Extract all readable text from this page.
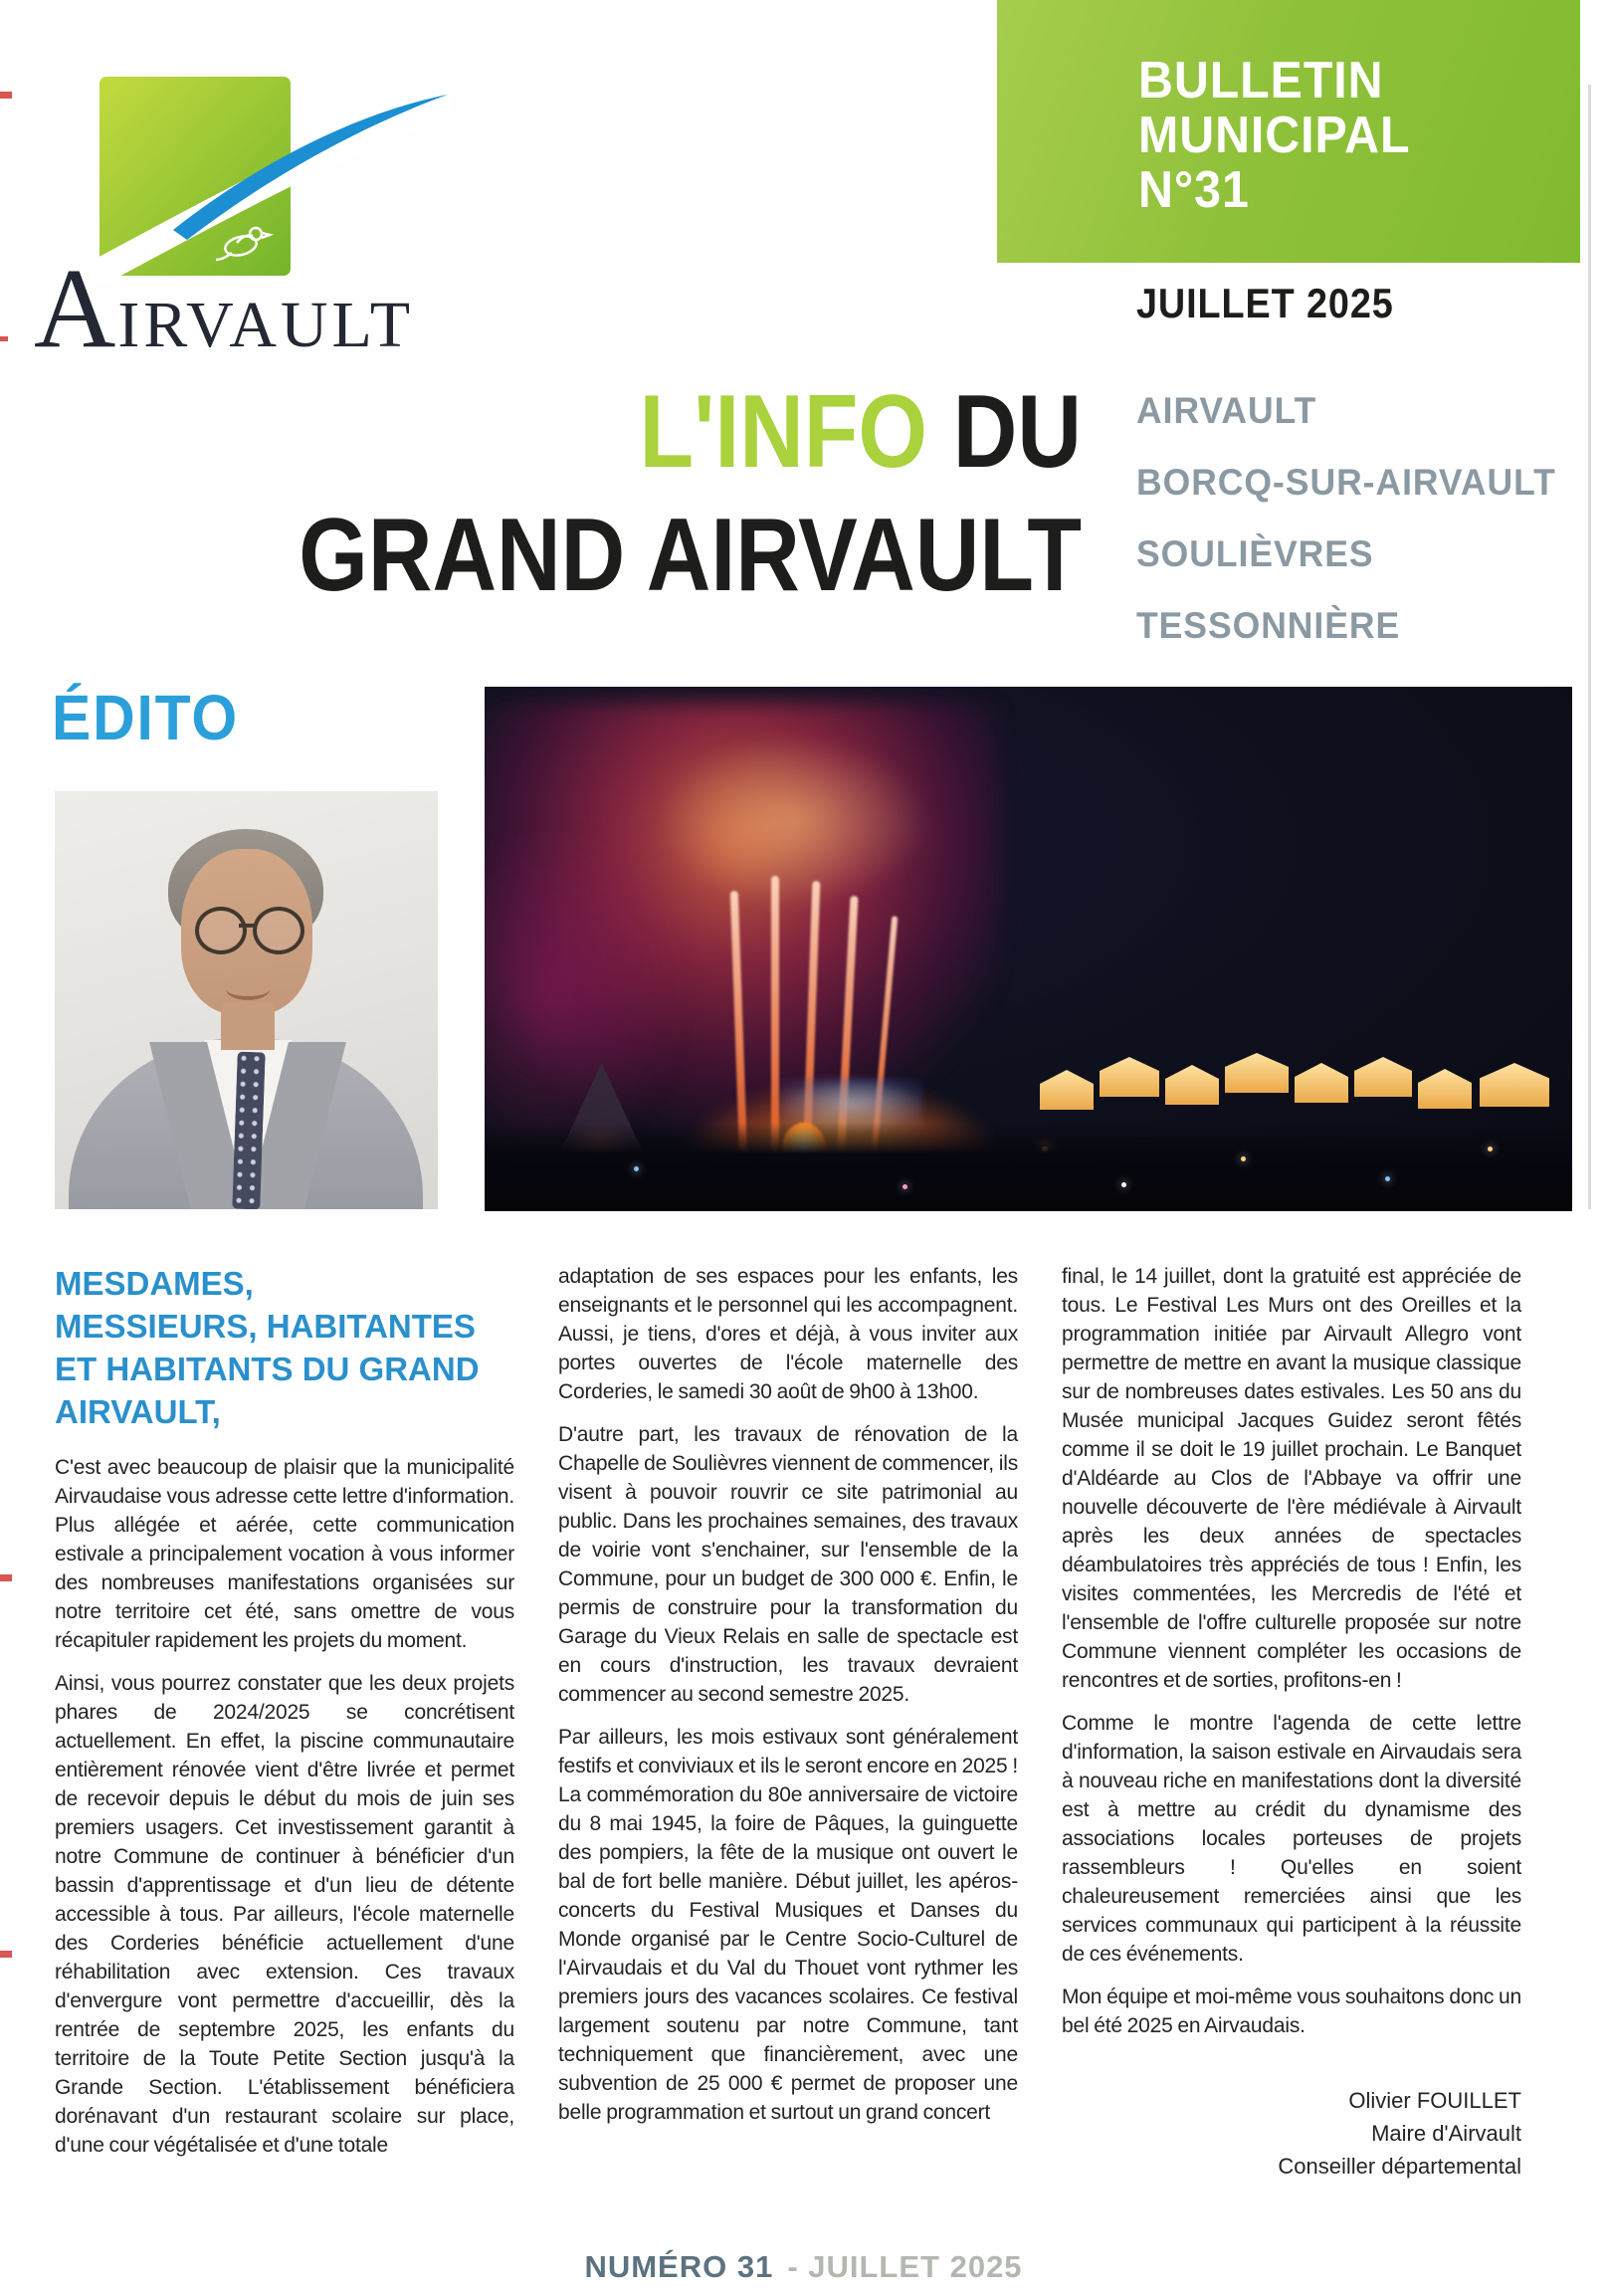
AIRVAULT
BULLETIN
MUNICIPAL
N°31
JUILLET 2025
L'INFO DU
GRAND AIRVAULT
AIRVAULT
BORCQ-SUR-AIRVAULT
SOULIÈVRES
TESSONNIÈRE
ÉDITO
MESDAMES,
MESSIEURS, HABITANTES
ET HABITANTS DU GRAND
AIRVAULT,

C'est avec beaucoup de plaisir que la municipalité Airvaudaise vous adresse cette lettre d'information. Plus allégée et aérée, cette communication estivale a principalement vocation à vous informer des nombreuses manifestations organisées sur notre territoire cet été, sans omettre de vous récapituler rapidement les projets du moment.

Ainsi, vous pourrez constater que les deux projets phares de 2024/2025 se concrétisent actuellement. En effet, la piscine communautaire entièrement rénovée vient d'être livrée et permet de recevoir depuis le début du mois de juin ses premiers usagers. Cet investissement garantit à notre Commune de continuer à bénéficier d'un bassin d'apprentissage et d'un lieu de détente accessible à tous. Par ailleurs, l'école maternelle des Corderies bénéficie actuellement d'une réhabilitation avec extension. Ces travaux d'envergure vont permettre d'accueillir, dès la rentrée de septembre 2025, les enfants du territoire de la Toute Petite Section jusqu'à la Grande Section. L'établissement bénéficiera dorénavant d'un restaurant scolaire sur place, d'une cour végétalisée et d'une totale

adaptation de ses espaces pour les enfants, les enseignants et le personnel qui les accompagnent. Aussi, je tiens, d'ores et déjà, à vous inviter aux portes ouvertes de l'école maternelle des Corderies, le samedi 30 août de 9h00 à 13h00.

D'autre part, les travaux de rénovation de la Chapelle de Soulièvres viennent de commencer, ils visent à pouvoir rouvrir ce site patrimonial au public. Dans les prochaines semaines, des travaux de voirie vont s'enchainer, sur l'ensemble de la Commune, pour un budget de 300 000 €. Enfin, le permis de construire pour la transformation du Garage du Vieux Relais en salle de spectacle est en cours d'instruction, les travaux devraient commencer au second semestre 2025.

Par ailleurs, les mois estivaux sont généralement festifs et conviviaux et ils le seront encore en 2025 ! La commémoration du 80e anniversaire de victoire du 8 mai 1945, la foire de Pâques, la guinguette des pompiers, la fête de la musique ont ouvert le bal de fort belle manière. Début juillet, les apéros-concerts du Festival Musiques et Danses du Monde organisé par le Centre Socio-Culturel de l'Airvaudais et du Val du Thouet vont rythmer les premiers jours des vacances scolaires. Ce festival largement soutenu par notre Commune, tant techniquement que financièrement, avec une subvention de 25 000 € permet de proposer une belle programmation et surtout un grand concert

final, le 14 juillet, dont la gratuité est appréciée de tous. Le Festival Les Murs ont des Oreilles et la programmation initiée par Airvault Allegro vont permettre de mettre en avant la musique classique sur de nombreuses dates estivales. Les 50 ans du Musée municipal Jacques Guidez seront fêtés comme il se doit le 19 juillet prochain. Le Banquet d'Aldéarde au Clos de l'Abbaye va offrir une nouvelle découverte de l'ère médiévale à Airvault après les deux années de spectacles déambulatoires très appréciés de tous ! Enfin, les visites commentées, les Mercredis de l'été et l'ensemble de l'offre culturelle proposée sur notre Commune viennent compléter les occasions de rencontres et de sorties, profitons-en !

Comme le montre l'agenda de cette lettre d'information, la saison estivale en Airvaudais sera à nouveau riche en manifestations dont la diversité est à mettre au crédit du dynamisme des associations locales porteuses de projets rassembleurs ! Qu'elles en soient chaleureusement remerciées ainsi que les services communaux qui participent à la réussite de ces événements.

Mon équipe et moi-même vous souhaitons donc un bel été 2025 en Airvaudais.

Olivier FOUILLET
Maire d'Airvault
Conseiller départemental
NUMÉRO 31 - JUILLET 2025
